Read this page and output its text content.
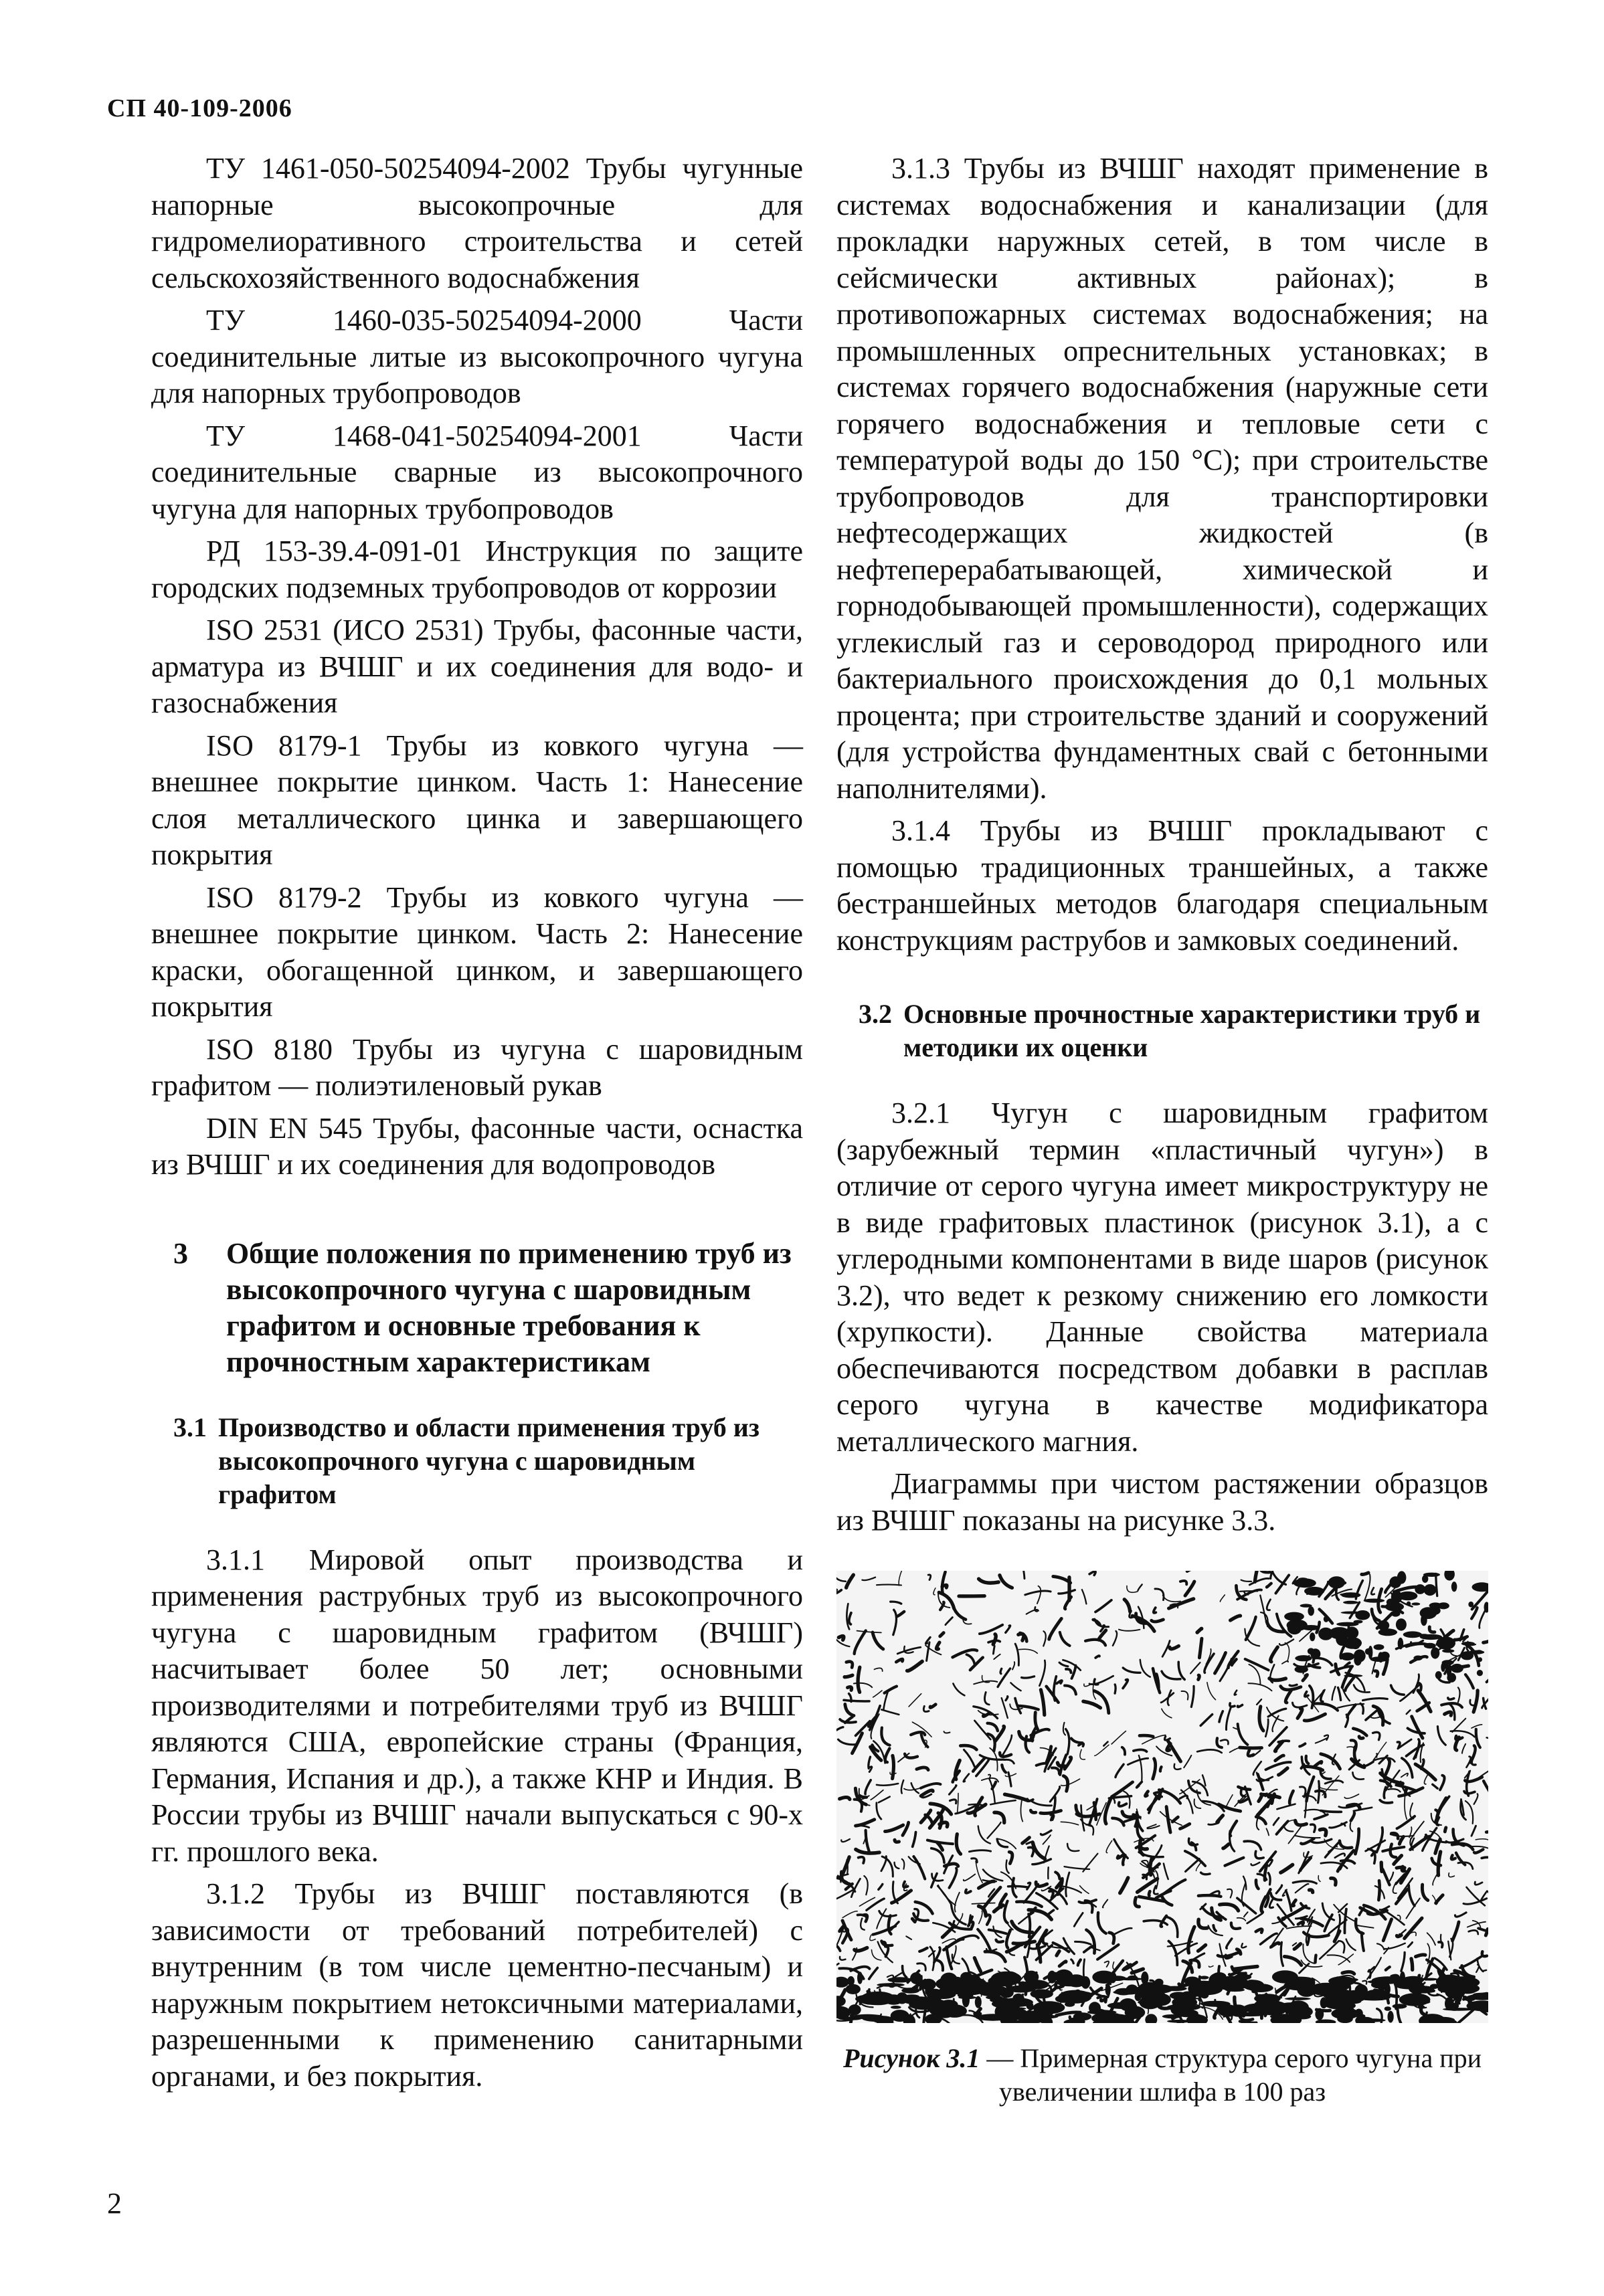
СП 40-109-2006

ТУ 1461-050-50254094-2002 Трубы чугунные напорные высокопрочные для гидромелиоративного строительства и сетей сельскохозяйственного водоснабжения

ТУ 1460-035-50254094-2000 Части соединительные литые из высокопрочного чугуна для напорных трубопроводов

ТУ 1468-041-50254094-2001 Части соединительные сварные из высокопрочного чугуна для напорных трубопроводов

РД 153-39.4-091-01 Инструкция по защите городских подземных трубопроводов от коррозии

ISO 2531 (ИСО 2531) Трубы, фасонные части, арматура из ВЧШГ и их соединения для водо- и газоснабжения

ISO 8179-1 Трубы из ковкого чугуна — внешнее покрытие цинком. Часть 1: Нанесение слоя металлического цинка и завершающего покрытия

ISO 8179-2 Трубы из ковкого чугуна — внешнее покрытие цинком. Часть 2: Нанесение краски, обогащенной цинком, и завершающего покрытия

ISO 8180 Трубы из чугуна с шаровидным графитом — полиэтиленовый рукав

DIN EN 545 Трубы, фасонные части, оснастка из ВЧШГ и их соединения для водопроводов

3 Общие положения по применению труб из высокопрочного чугуна с шаровидным графитом и основные требования к прочностным характеристикам
3.1 Производство и области применения труб из высокопрочного чугуна с шаровидным графитом

3.1.1 Мировой опыт производства и применения раструбных труб из высокопрочного чугуна с шаровидным графитом (ВЧШГ) насчитывает более 50 лет; основными производителями и потребителями труб из ВЧШГ являются США, европейские страны (Франция, Германия, Испания и др.), а также КНР и Индия. В России трубы из ВЧШГ начали выпускаться с 90-х гг. прошлого века.

3.1.2 Трубы из ВЧШГ поставляются (в зависимости от требований потребителей) с внутренним (в том числе цементно-песчаным) и наружным покрытием нетоксичными материалами, разрешенными к применению санитарными органами, и без покрытия.

3.1.3 Трубы из ВЧШГ находят применение в системах водоснабжения и канализации (для прокладки наружных сетей, в том числе в сейсмически активных районах); в противопожарных системах водоснабжения; на промышленных опреснительных установках; в системах горячего водоснабжения (наружные сети горячего водоснабжения и тепловые сети с температурой воды до 150 °С); при строительстве трубопроводов для транспортировки нефтесодержащих жидкостей (в нефтеперерабатывающей, химической и горнодобывающей промышленности), содержащих углекислый газ и сероводород природного или бактериального происхождения до 0,1 мольных процента; при строительстве зданий и сооружений (для устройства фундаментных свай с бетонными наполнителями).

3.1.4 Трубы из ВЧШГ прокладывают с помощью традиционных траншейных, а также бестраншейных методов благодаря специальным конструкциям раструбов и замковых соединений.

3.2 Основные прочностные характеристики труб и методики их оценки

3.2.1 Чугун с шаровидным графитом (зарубежный термин «пластичный чугун») в отличие от серого чугуна имеет микроструктуру не в виде графитовых пластинок (рисунок 3.1), а с углеродными компонентами в виде шаров (рисунок 3.2), что ведет к резкому снижению его ломкости (хрупкости). Данные свойства материала обеспечиваются посредством добавки в расплав серого чугуна в качестве модификатора металлического магния.

Диаграммы при чистом растяжении образцов из ВЧШГ показаны на рисунке 3.3.

Рисунок 3.1 — Примерная структура серого чугуна при увеличении шлифа в 100 раз
2
